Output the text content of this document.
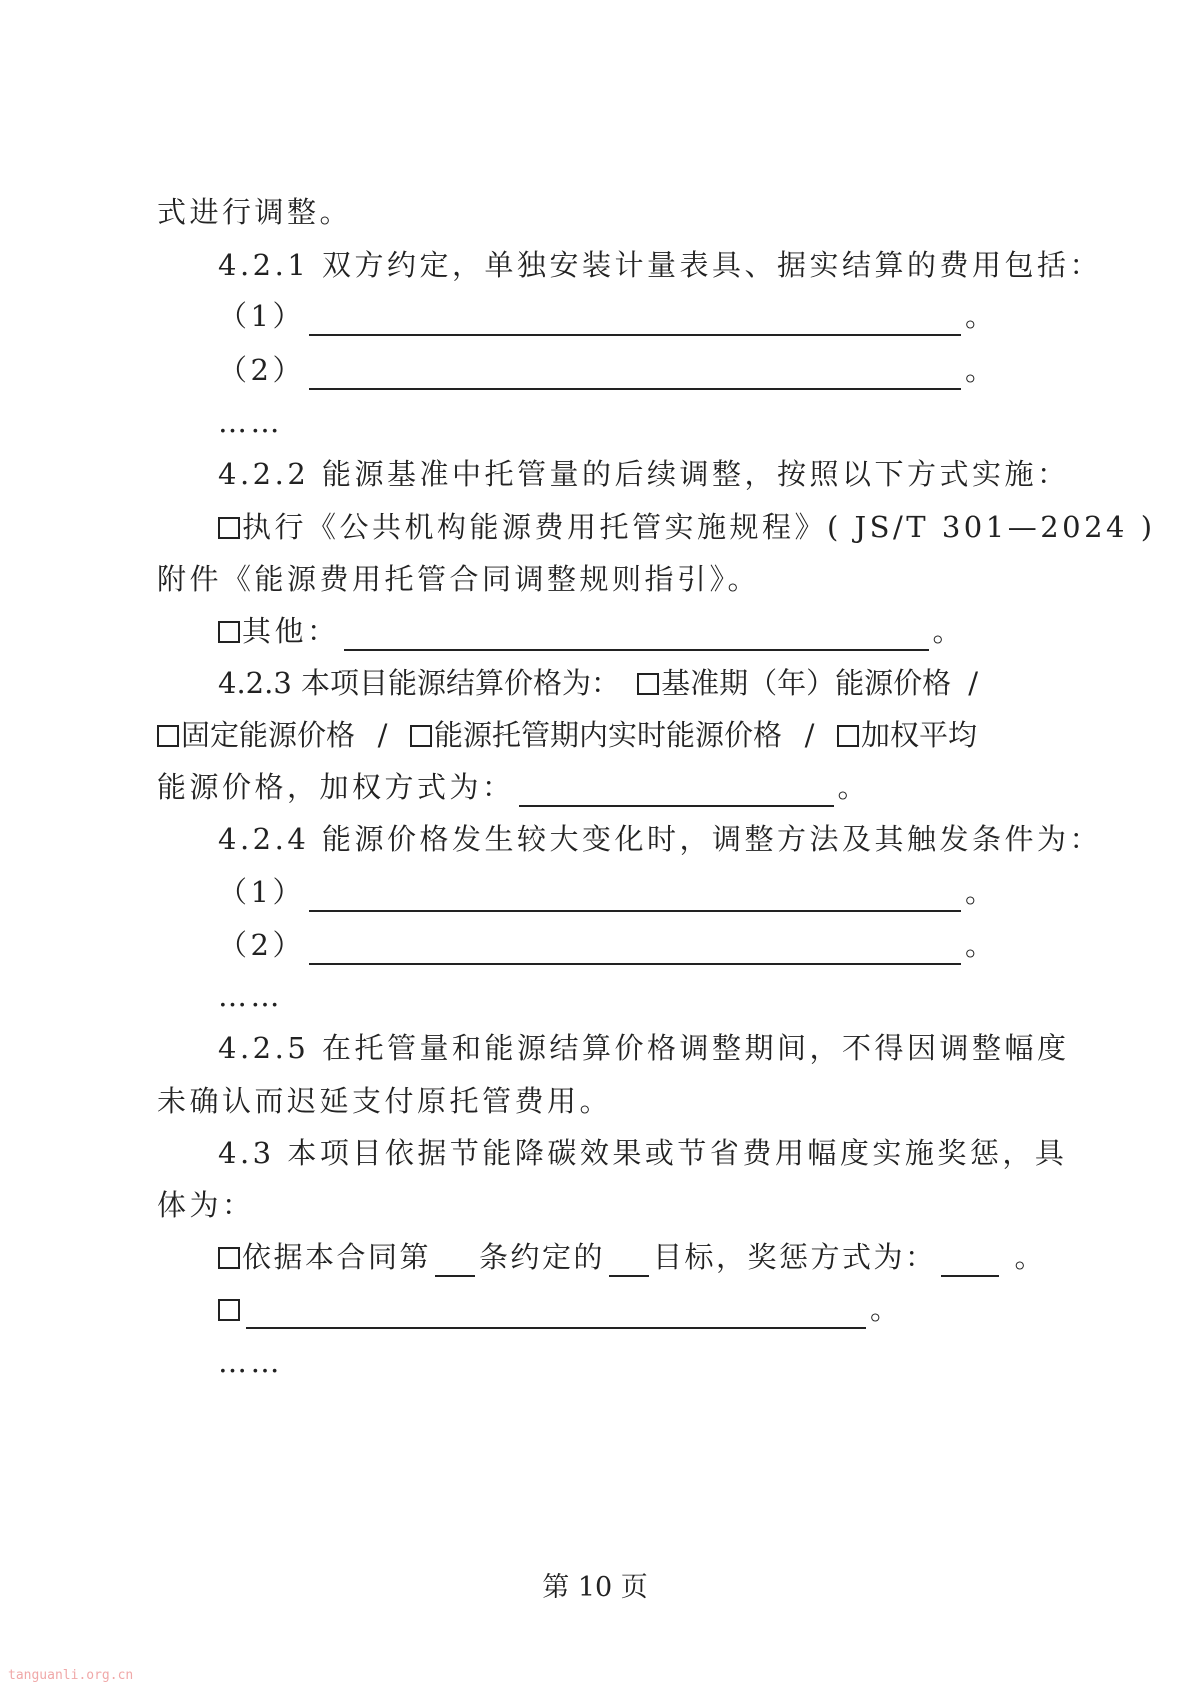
式进行调整。
4.2.1 双方约定，单独安装计量表具、据实结算的费用包括：
（1）	。
（2）	。
……
4.2.2 能源基准中托管量的后续调整，按照以下方式实施：
执行《公共机构能源费用托管实施规程》( JS/T 301—2024 )
附件《能源费用托管合同调整规则指引》。
其他：	。
4.2.3 本项目能源结算价格为：	基准期（年）能源价格 /
固定能源价格 /	能源托管期内实时能源价格 /	加权平均
能源价格，加权方式为：	。
4.2.4 能源价格发生较大变化时，调整方法及其触发条件为：
（1）	。
（2）	。
……
4.2.5 在托管量和能源结算价格调整期间，不得因调整幅度
未确认而迟延支付原托管费用。
4.3 本项目依据节能降碳效果或节省费用幅度实施奖惩，具
体为：
依据本合同第 条约定的 目标，奖惩方式为：	。
。
……
第 10 页
tanguanli.org.cn
